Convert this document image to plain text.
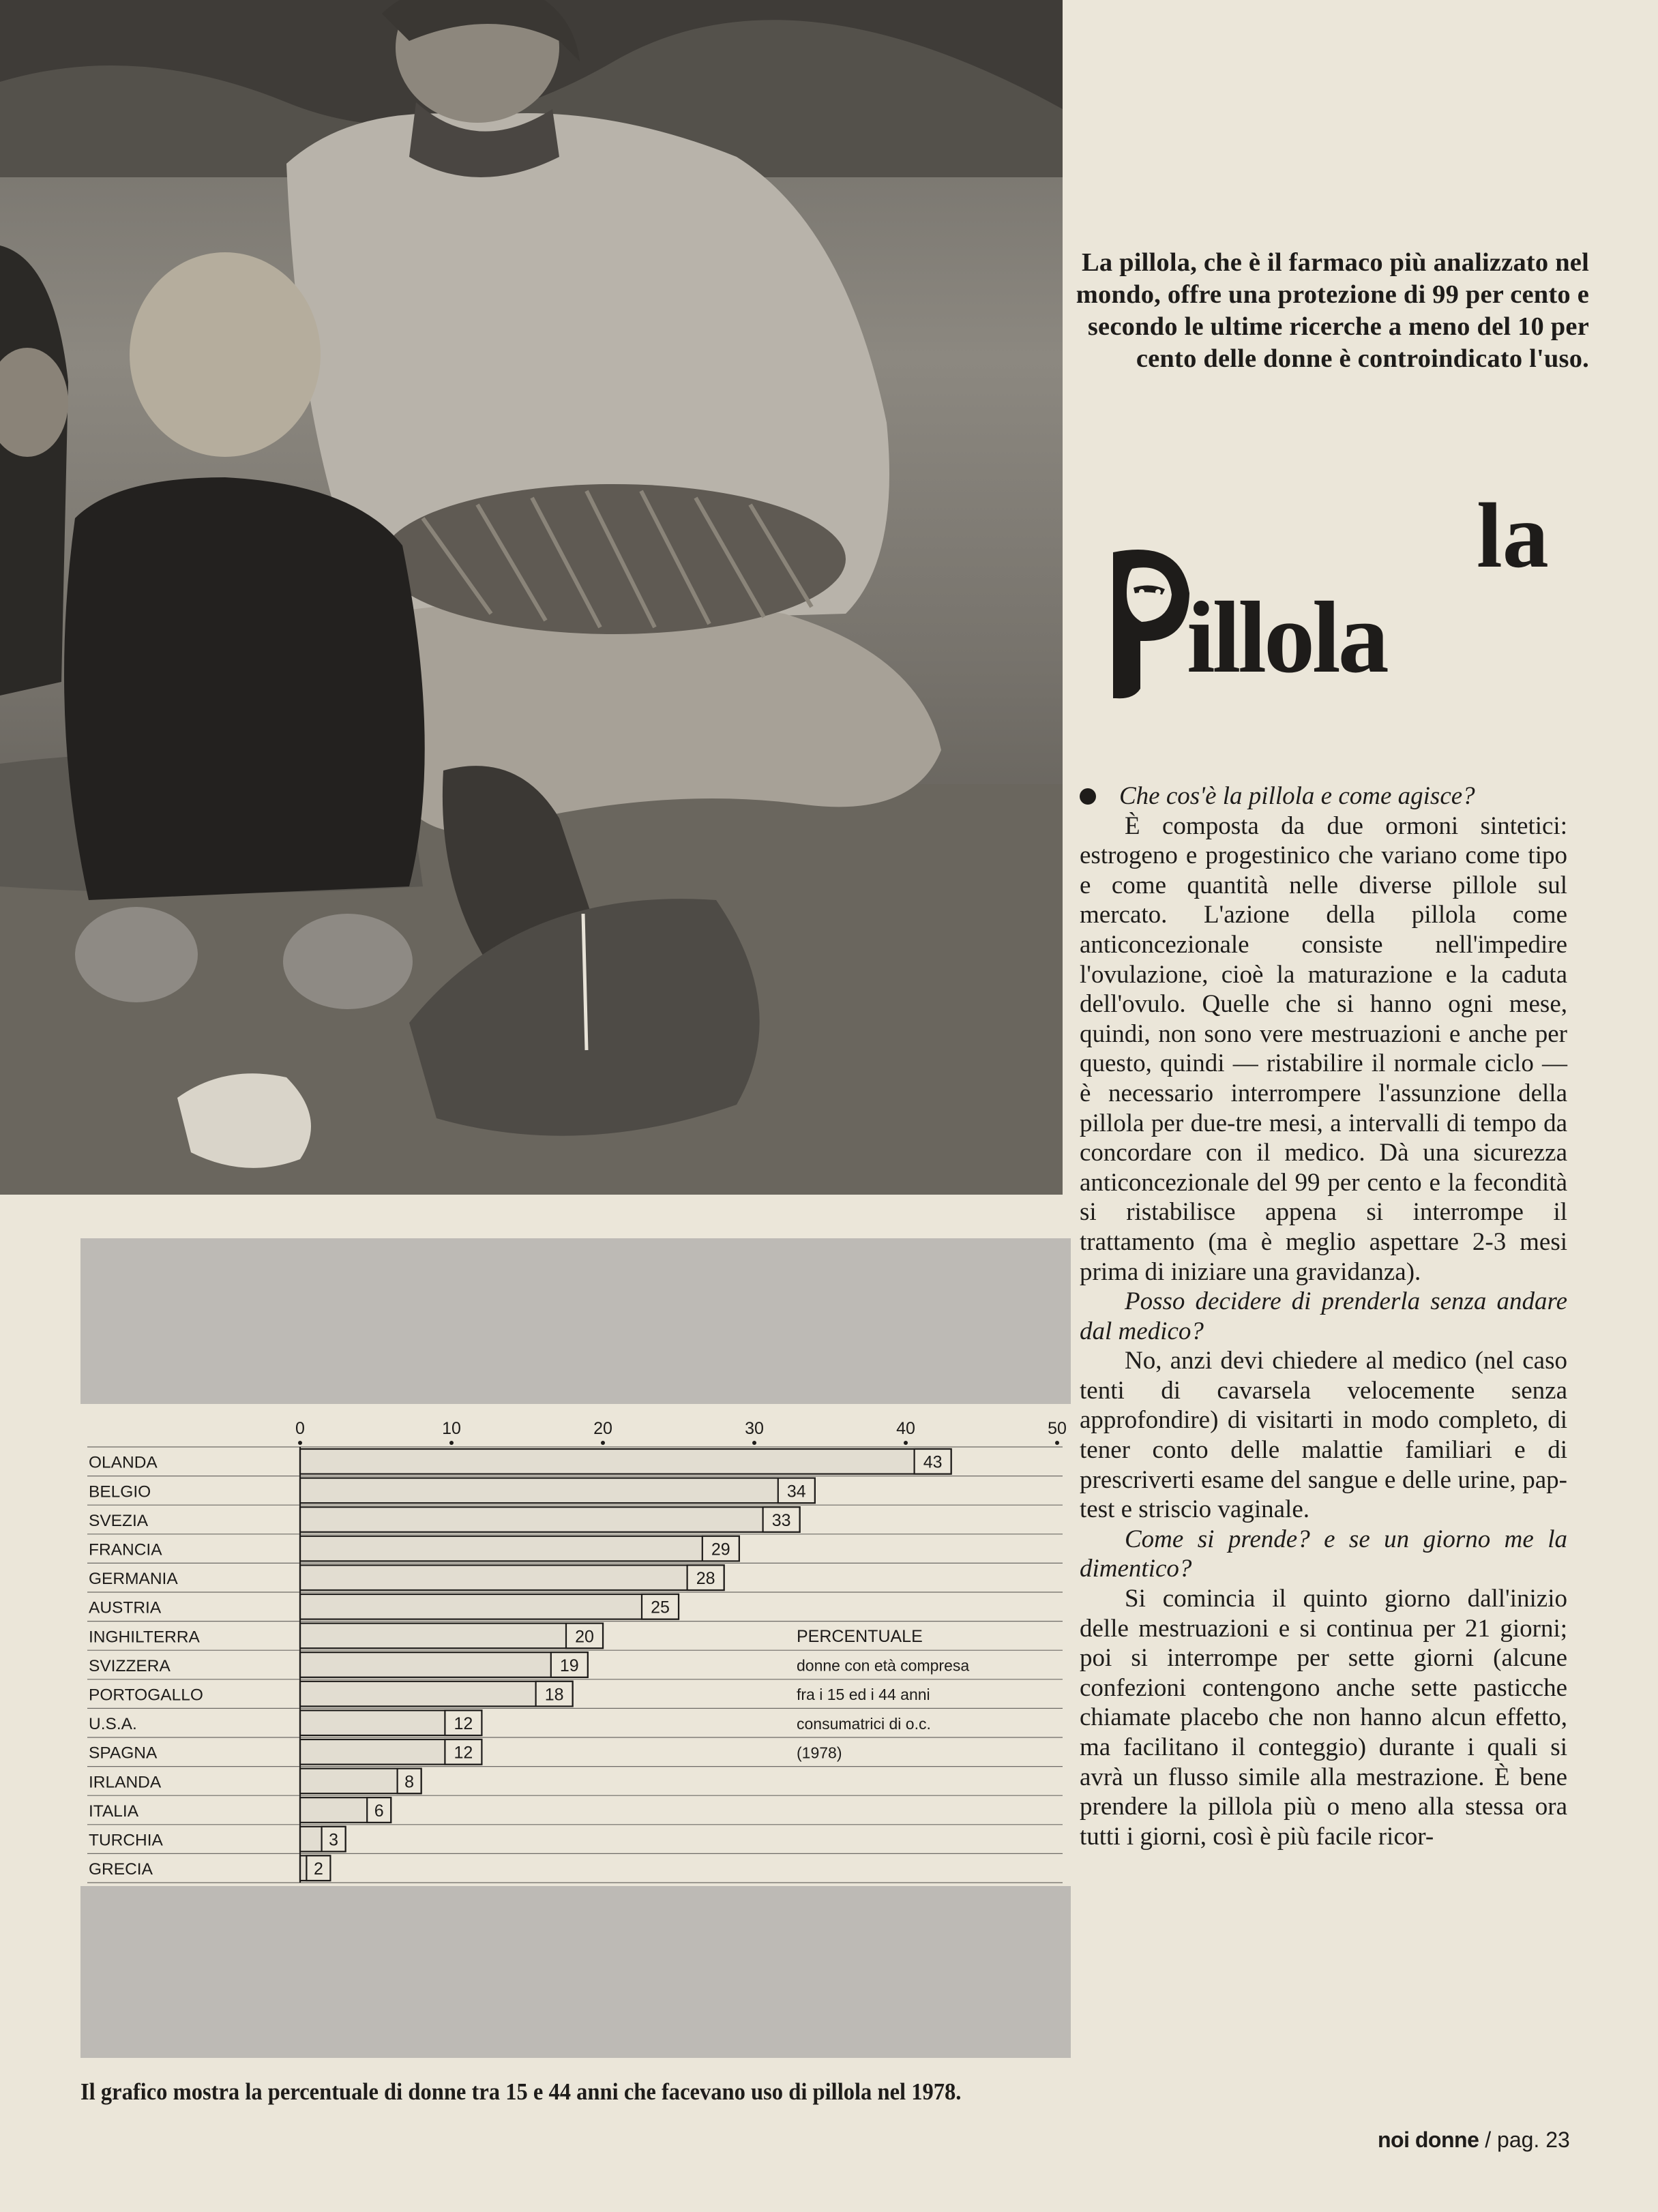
La pillola, che è il farmaco più analizzato nel mondo, offre una protezione di 99 per cento e secondo le ultime ricerche a meno del 10 per cento delle donne è controindicato l'uso.
la
illola

Che cos'è la pillola e come agisce?

È composta da due ormoni sintetici: estrogeno e progestinico che variano come tipo e come quantità nelle diverse pillole sul mercato. L'azione della pillola come anticoncezionale consiste nell'impedire l'ovulazione, cioè la maturazione e la caduta dell'ovulo. Quelle che si hanno ogni mese, quindi, non sono vere mestruazioni e anche per questo, quindi — ristabilire il normale ciclo — è necessario interrompere l'assunzione della pillola per due-tre mesi, a intervalli di tempo da concordare con il medico. Dà una sicurezza anticoncezionale del 99 per cento e la fecondità si ristabilisce appena si interrompe il trattamento (ma è meglio aspettare 2-3 mesi prima di iniziare una gravidanza).

Posso decidere di prenderla senza andare dal medico?

No, anzi devi chiedere al medico (nel caso tenti di cavarsela velocemente senza approfondire) di visitarti in modo completo, di tener conto delle malattie familiari e di prescriverti esame del sangue e delle urine, pap-test e striscio vaginale.

Come si prende? e se un giorno me la dimentico?

Si comincia il quinto giorno dall'inizio delle mestruazioni e si continua per 21 giorni; poi si interrompe per sette giorni (alcune confezioni contengono anche sette pasticche chiamate placebo che non hanno alcun effetto, ma facilitano il conteggio) durante i quali si avrà un flusso simile alla mestrazione. È bene prendere la pillola più o meno alla stessa ora tutti i giorni, così è più facile ricor-

0	10	20	30	40	50
OLANDA	43
BELGIO	34
SVEZIA	33
FRANCIA	29
GERMANIA	28
AUSTRIA	25
INGHILTERRA	20
SVIZZERA	19
PORTOGALLO	18
U.S.A.	12
SPAGNA	12
IRLANDA	8
ITALIA	6
TURCHIA	3
GRECIA	2
PERCENTUALE
donne con età compresa
fra i 15 ed i 44 anni
consumatrici di o.c.
(1978)
Il grafico mostra la percentuale di donne tra 15 e 44 anni che facevano uso di pillola nel 1978.
noi donne / pag. 23
